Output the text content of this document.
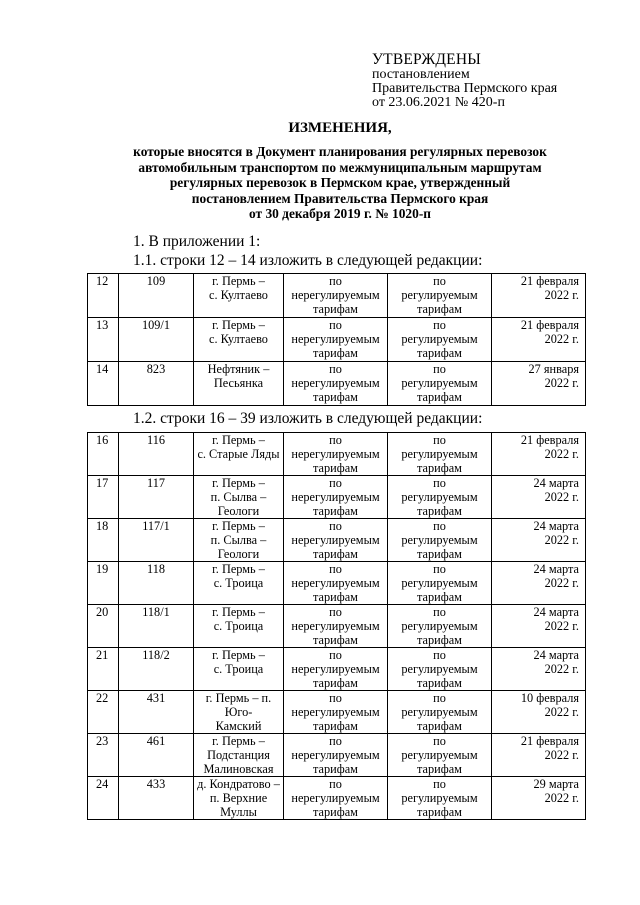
УТВЕРЖДЕНЫ
постановлением
Правительства Пермского края
от 23.06.2021 № 420-п
ИЗМЕНЕНИЯ,
которые вносятся в Документ планирования регулярных перевозок
автомобильным транспортом по межмуниципальным маршрутам
регулярных перевозок в Пермском крае, утвержденный
постановлением Правительства Пермского края
от 30 декабря 2019 г. № 1020-п
1. В приложении 1:
1.1. строки 12 – 14 изложить в следующей редакции:
12	109	г. Пермь –
с. Култаево	по
нерегулируемым
тарифам	по
регулируемым
тарифам	21 февраля
2022 г.

13	109/1	г. Пермь –
с. Култаево	по
нерегулируемым
тарифам	по
регулируемым
тарифам	21 февраля
2022 г.

14	823	Нефтяник –
Песьянка	по
нерегулируемым
тарифам	по
регулируемым
тарифам	27 января
2022 г.
1.2. строки 16 – 39 изложить в следующей редакции:
16	116	г. Пермь –
с. Старые Ляды	по
нерегулируемым
тарифам	по
регулируемым
тарифам	21 февраля
2022 г.

17	117	г. Пермь –
п. Сылва –
Геологи	по
нерегулируемым
тарифам	по
регулируемым
тарифам	24 марта
2022 г.

18	117/1	г. Пермь –
п. Сылва –
Геологи	по
нерегулируемым
тарифам	по
регулируемым
тарифам	24 марта
2022 г.

19	118	г. Пермь –
с. Троица	по
нерегулируемым
тарифам	по
регулируемым
тарифам	24 марта
2022 г.

20	118/1	г. Пермь –
с. Троица	по
нерегулируемым
тарифам	по
регулируемым
тарифам	24 марта
2022 г.

21	118/2	г. Пермь –
с. Троица	по
нерегулируемым
тарифам	по
регулируемым
тарифам	24 марта
2022 г.

22	431	г. Пермь – п. Юго-
Камский	по
нерегулируемым
тарифам	по
регулируемым
тарифам	10 февраля
2022 г.

23	461	г. Пермь –
Подстанция
Малиновская	по
нерегулируемым
тарифам	по
регулируемым
тарифам	21 февраля
2022 г.

24	433	д. Кондратово –
п. Верхние Муллы	по
нерегулируемым
тарифам	по
регулируемым
тарифам	29 марта
2022 г.
